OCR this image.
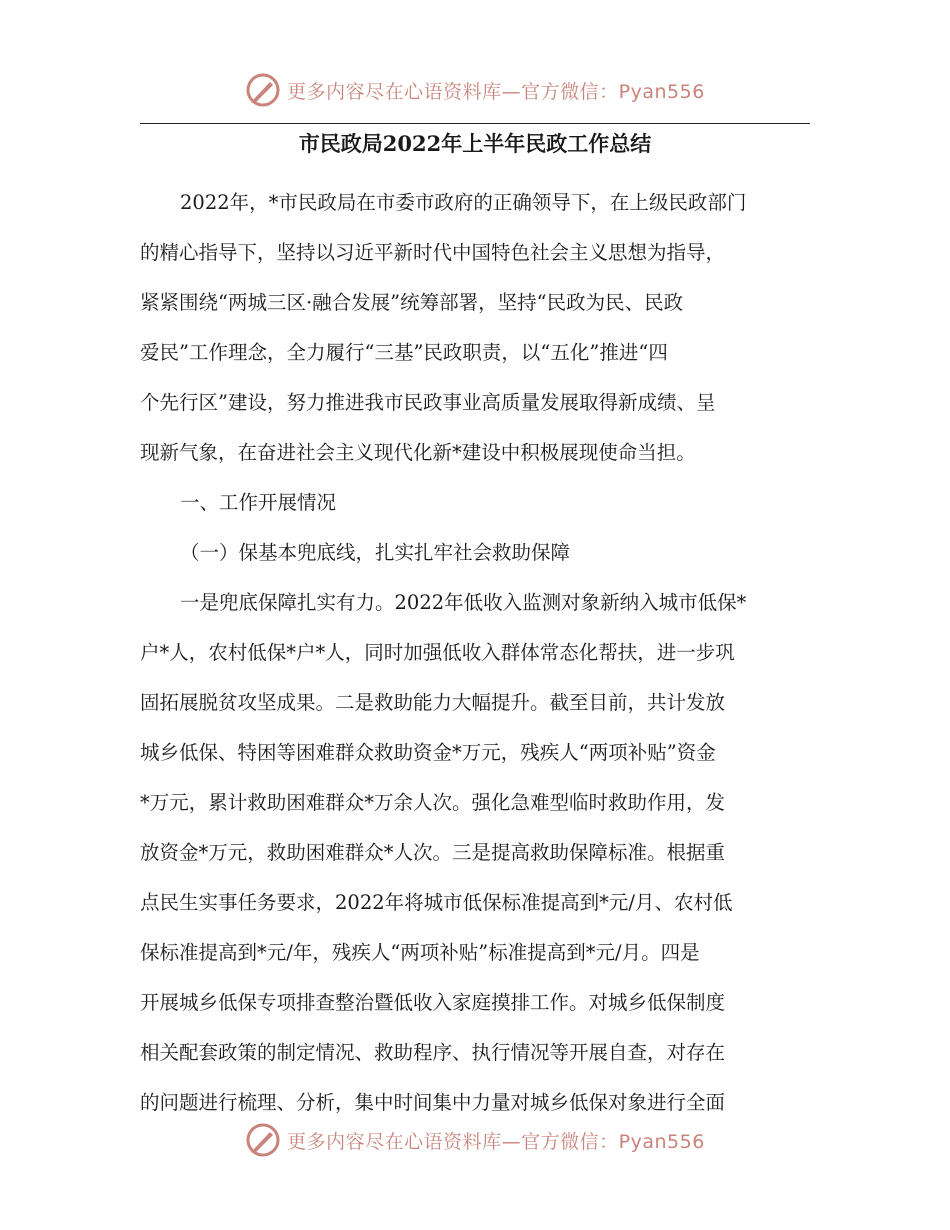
更多内容尽在心语资料库—官方微信：Pyan556
市民政局2022年上半年民政工作总结

2022年，*市民政局在市委市政府的正确领导下，在上级民政部门

的精心指导下，坚持以习近平新时代中国特色社会主义思想为指导，

紧紧围绕“两城三区·融合发展”统筹部署，坚持“民政为民、民政

爱民”工作理念，全力履行“三基”民政职责，以“五化”推进“四

个先行区”建设，努力推进我市民政事业高质量发展取得新成绩、呈

现新气象，在奋进社会主义现代化新*建设中积极展现使命当担。

一、工作开展情况

（一）保基本兜底线，扎实扎牢社会救助保障

一是兜底保障扎实有力。2022年低收入监测对象新纳入城市低保*

户*人，农村低保*户*人，同时加强低收入群体常态化帮扶，进一步巩

固拓展脱贫攻坚成果。二是救助能力大幅提升。截至目前，共计发放

城乡低保、特困等困难群众救助资金*万元，残疾人“两项补贴”资金

*万元，累计救助困难群众*万余人次。强化急难型临时救助作用，发

放资金*万元，救助困难群众*人次。三是提高救助保障标准。根据重

点民生实事任务要求，2022年将城市低保标准提高到*元/月、农村低

保标准提高到*元/年，残疾人“两项补贴”标准提高到*元/月。四是

开展城乡低保专项排查整治暨低收入家庭摸排工作。对城乡低保制度

相关配套政策的制定情况、救助程序、执行情况等开展自查，对存在

的问题进行梳理、分析，集中时间集中力量对城乡低保对象进行全面

更多内容尽在心语资料库—官方微信：Pyan556
